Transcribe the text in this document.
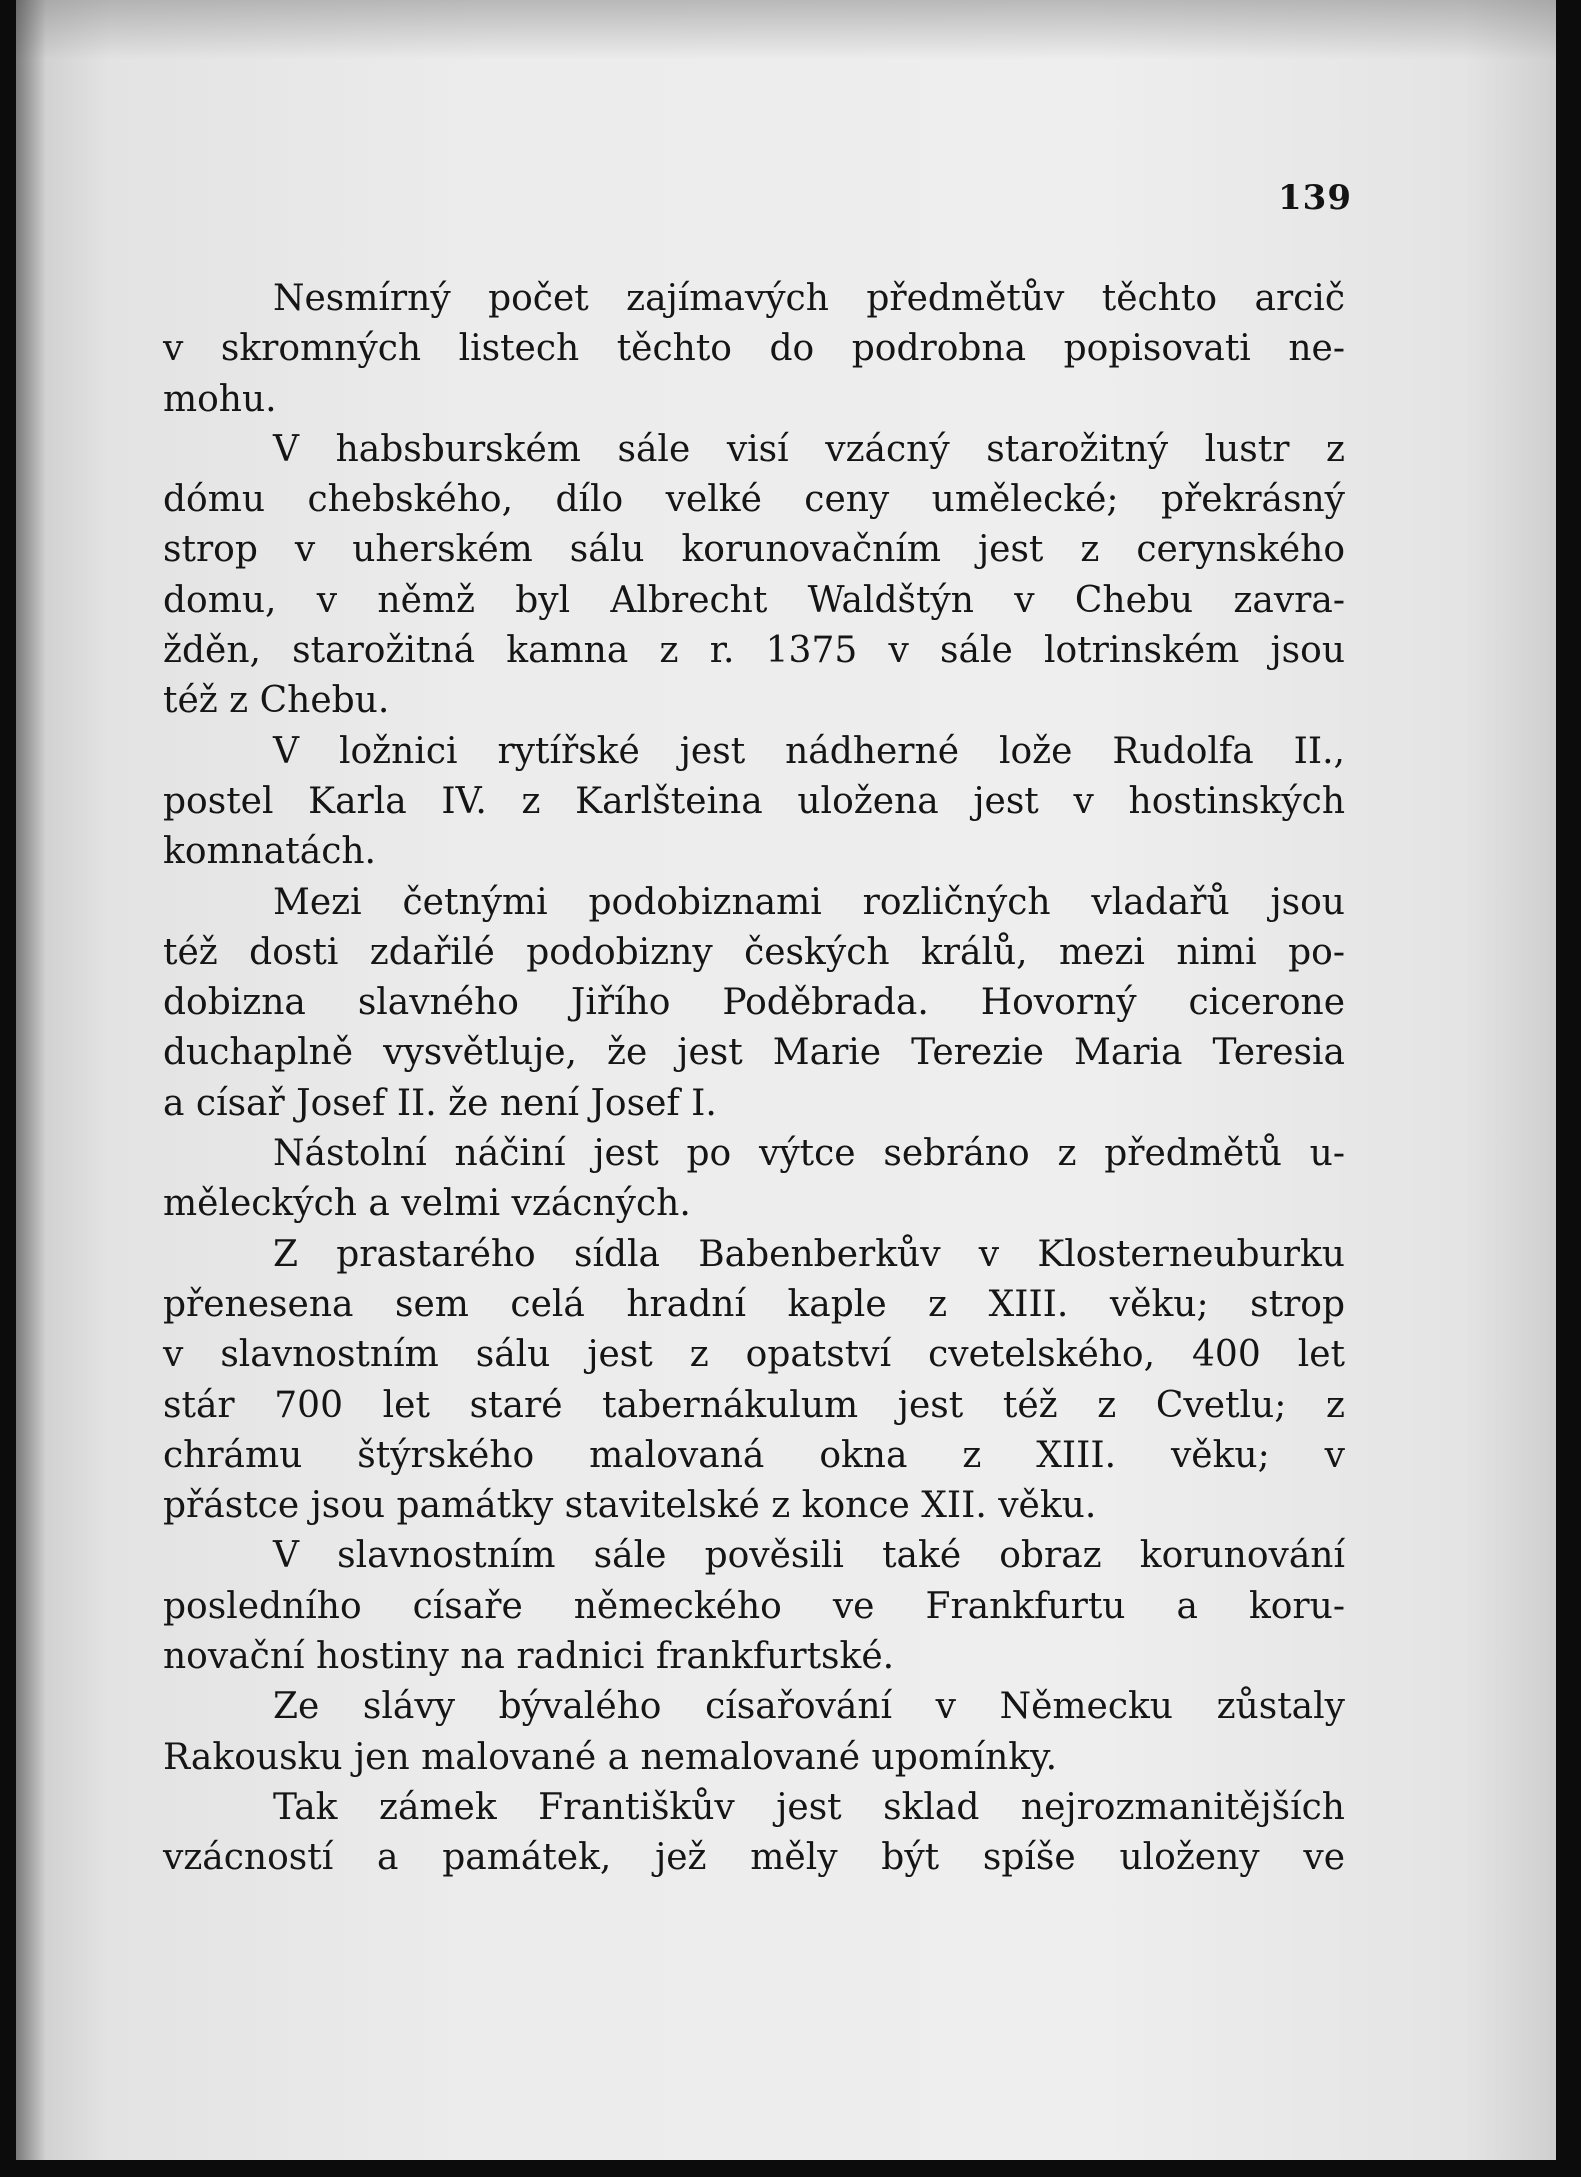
139
Nesmírný počet zajímavých předmětův těchto arcič
v skromných listech těchto do podrobna popisovati ne-
mohu.
V habsburském sále visí vzácný starožitný lustr z
dómu chebského, dílo velké ceny umělecké; překrásný
strop v uherském sálu korunovačním jest z cerynského
domu, v němž byl Albrecht Waldštýn v Chebu zavra-
žděn, starožitná kamna z r. 1375 v sále lotrinském jsou
též z Chebu.
V ložnici rytířské jest nádherné lože Rudolfa II.,
postel Karla IV. z Karlšteina uložena jest v hostinských
komnatách.
Mezi četnými podobiznami rozličných vladařů jsou
též dosti zdařilé podobizny českých králů, mezi nimi po-
dobizna slavného Jiřího Poděbrada. Hovorný cicerone
duchaplně vysvětluje, že jest Marie Terezie Maria Teresia
a císař Josef II. že není Josef I.
Nástolní náčiní jest po výtce sebráno z předmětů u-
měleckých a velmi vzácných.
Z prastarého sídla Babenberkův v Klosterneuburku
přenesena sem celá hradní kaple z XIII. věku; strop
v slavnostním sálu jest z opatství cvetelského, 400 let
stár 700 let staré tabernákulum jest též z Cvetlu; z
chrámu štýrského malovaná okna z XIII. věku; v
přástce jsou památky stavitelské z konce XII. věku.
V slavnostním sále pověsili také obraz korunování
posledního císaře německého ve Frankfurtu a koru-
novační hostiny na radnici frankfurtské.
Ze slávy bývalého císařování v Německu zůstaly
Rakousku jen malované a nemalované upomínky.
Tak zámek Františkův jest sklad nejrozmanitějších
vzácností a památek, jež měly být spíše uloženy ve
